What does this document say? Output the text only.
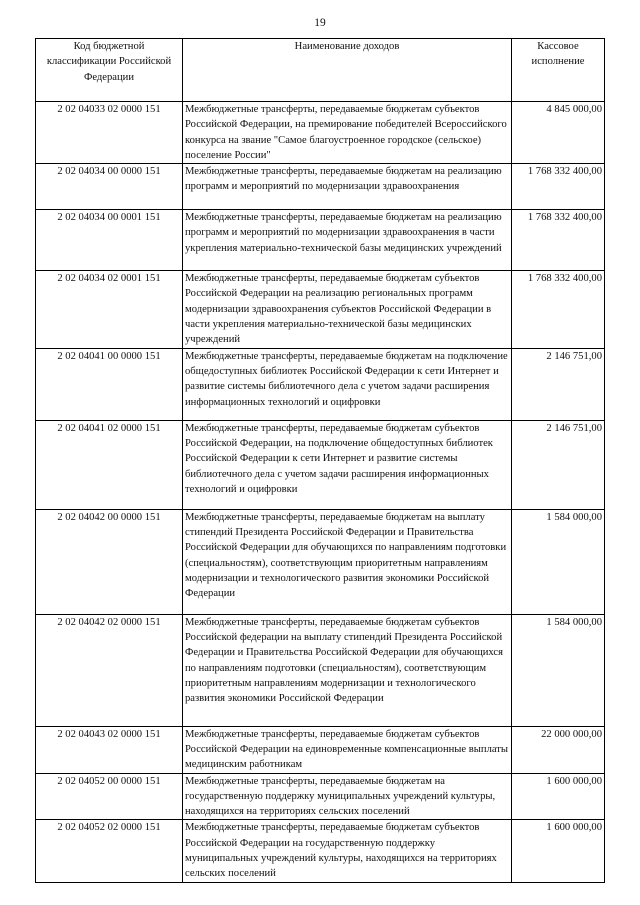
19
Код бюджетной классификации Российской Федерации	Наименование доходов	Кассовое исполнение
2 02 04033 02 0000 151	Межбюджетные трансферты, передаваемые бюджетам субъектов Российской Федерации, на премирование победителей Всероссийского конкурса на звание "Самое благоустроенное городское (сельское) поселение России"	4 845 000,00
2 02 04034 00 0000 151	Межбюджетные трансферты, передаваемые бюджетам на реализацию программ и мероприятий по модернизации здравоохранения	1 768 332 400,00
2 02 04034 00 0001 151	Межбюджетные трансферты, передаваемые бюджетам на реализацию программ и мероприятий по модернизации здравоохранения в части укрепления материально-технической базы медицинских учреждений	1 768 332 400,00
2 02 04034 02 0001 151	Межбюджетные трансферты, передаваемые бюджетам субъектов Российской Федерации на реализацию региональных программ модернизации здравоохранения субъектов Российской Федерации в части укрепления материально-технической базы медицинских учреждений	1 768 332 400,00
2 02 04041 00 0000 151	Межбюджетные трансферты, передаваемые бюджетам на подключение общедоступных библиотек Российской Федерации к сети Интернет и развитие системы библиотечного дела с учетом задачи расширения информационных технологий и оцифровки	2 146 751,00
2 02 04041 02 0000 151	Межбюджетные трансферты, передаваемые бюджетам субъектов Российской Федерации, на подключение общедоступных библиотек Российской Федерации к сети Интернет и развитие системы библиотечного дела с учетом задачи расширения информационных технологий и оцифровки	2 146 751,00
2 02 04042 00 0000 151	Межбюджетные трансферты, передаваемые бюджетам на выплату стипендий Президента Российской Федерации и Правительства Российской Федерации для обучающихся по направлениям подготовки (специальностям), соответствующим приоритетным направлениям модернизации и технологического развития экономики Российской Федерации	1 584 000,00
2 02 04042 02 0000 151	Межбюджетные трансферты, передаваемые бюджетам субъектов Российской федерации на выплату стипендий Президента Российской Федерации и Правительства Российской Федерации для обучающихся по направлениям подготовки (специальностям), соответствующим приоритетным направлениям модернизации и технологического развития экономики Российской Федерации	1 584 000,00
2 02 04043 02 0000 151	Межбюджетные трансферты, передаваемые бюджетам субъектов Российской Федерации на единовременные компенсационные выплаты медицинским работникам	22 000 000,00
2 02 04052 00 0000 151	Межбюджетные трансферты, передаваемые бюджетам на государственную поддержку муниципальных учреждений культуры, находящихся на территориях сельских поселений	1 600 000,00
2 02 04052 02 0000 151	Межбюджетные трансферты, передаваемые бюджетам субъектов Российской Федерации на государственную поддержку муниципальных учреждений культуры, находящихся на территориях сельских поселений	1 600 000,00
